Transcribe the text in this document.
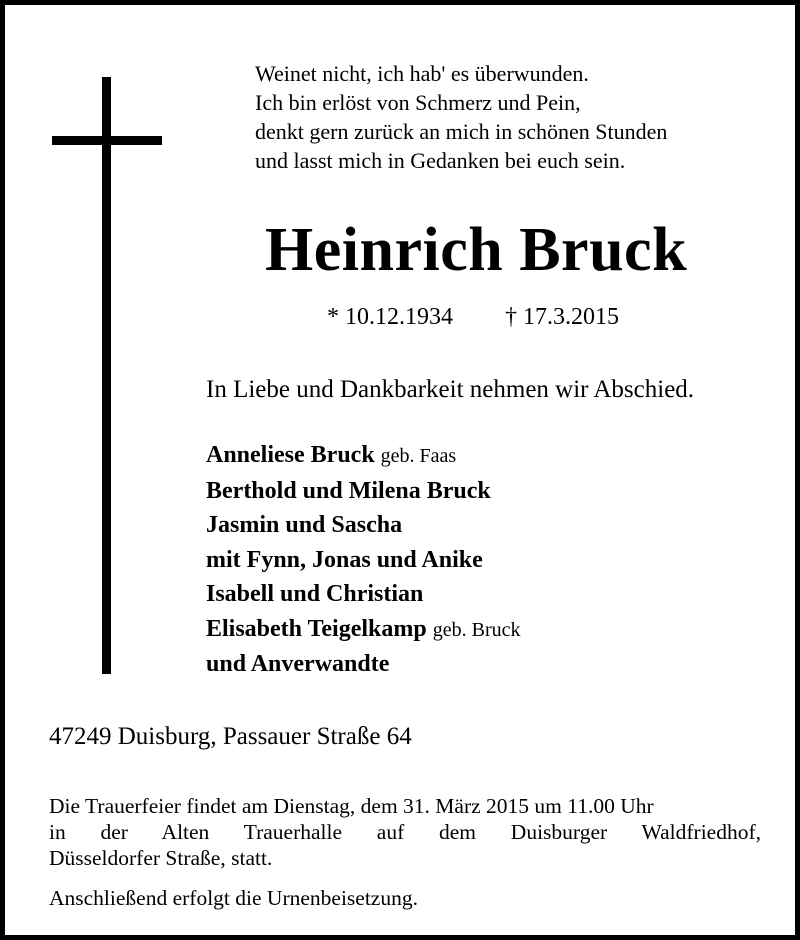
Weinet nicht, ich hab' es überwunden.
Ich bin erlöst von Schmerz und Pein,
denkt gern zurück an mich in schönen Stunden
und lasst mich in Gedanken bei euch sein.
Heinrich Bruck
* 10.12.1934 † 17.3.2015
In Liebe und Dankbarkeit nehmen wir Abschied.
Anneliese Bruck geb. Faas
Berthold und Milena Bruck
Jasmin und Sascha
mit Fynn, Jonas und Anike
Isabell und Christian
Elisabeth Teigelkamp geb. Bruck
und Anverwandte
47249 Duisburg, Passauer Straße 64
Die Trauerfeier findet am Dienstag, dem 31. März 2015 um 11.00 Uhr
in der Alten Trauerhalle auf dem Duisburger Waldfriedhof,
Düsseldorfer Straße, statt.
Anschließend erfolgt die Urnenbeisetzung.
